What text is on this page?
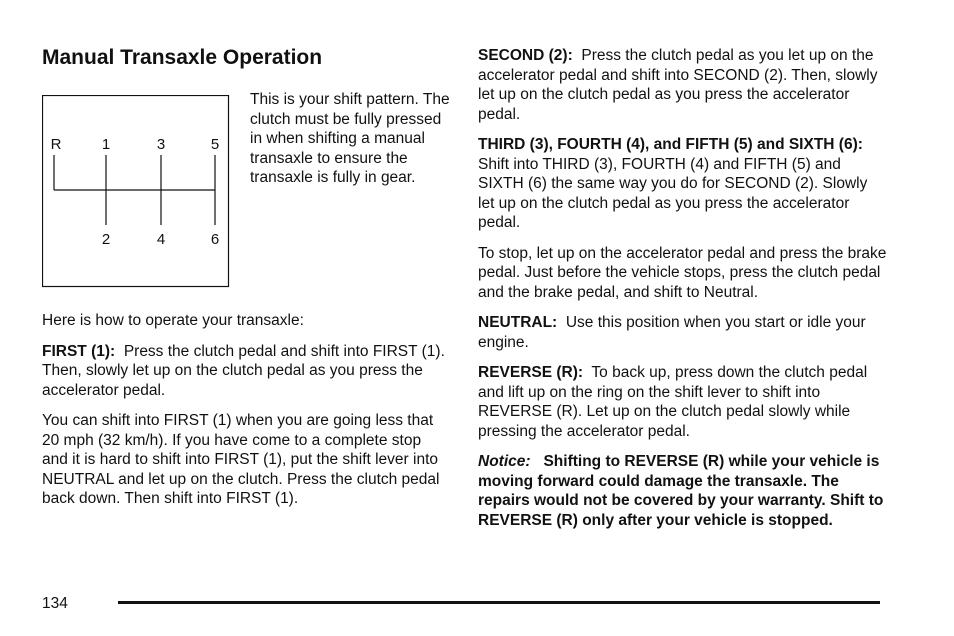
Manual Transaxle Operation
R	1	3	5
2	4	6

This is your shift pattern. The clutch must be fully pressed in when shifting a manual transaxle to ensure the transaxle is fully in gear.

Here is how to operate your transaxle:

FIRST (1): Press the clutch pedal and shift into FIRST (1). Then, slowly let up on the clutch pedal as you press the accelerator pedal.

You can shift into FIRST (1) when you are going less that 20 mph (32 km/h). If you have come to a complete stop and it is hard to shift into FIRST (1), put the shift lever into NEUTRAL and let up on the clutch. Press the clutch pedal back down. Then shift into FIRST (1).

SECOND (2): Press the clutch pedal as you let up on the accelerator pedal and shift into SECOND (2). Then, slowly let up on the clutch pedal as you press the accelerator pedal.

THIRD (3), FOURTH (4), and FIFTH (5) and SIXTH (6):  Shift into THIRD (3), FOURTH (4) and FIFTH (5) and SIXTH (6) the same way you do for SECOND (2). Slowly let up on the clutch pedal as you press the accelerator pedal.

To stop, let up on the accelerator pedal and press the brake pedal. Just before the vehicle stops, press the clutch pedal and the brake pedal, and shift to Neutral.

NEUTRAL: Use this position when you start or idle your engine.

REVERSE (R): To back up, press down the clutch pedal and lift up on the ring on the shift lever to shift into REVERSE (R). Let up on the clutch pedal slowly while pressing the accelerator pedal.

Notice: Shifting to REVERSE (R) while your vehicle is moving forward could damage the transaxle. The repairs would not be covered by your warranty. Shift to REVERSE (R) only after your vehicle is stopped.

134
